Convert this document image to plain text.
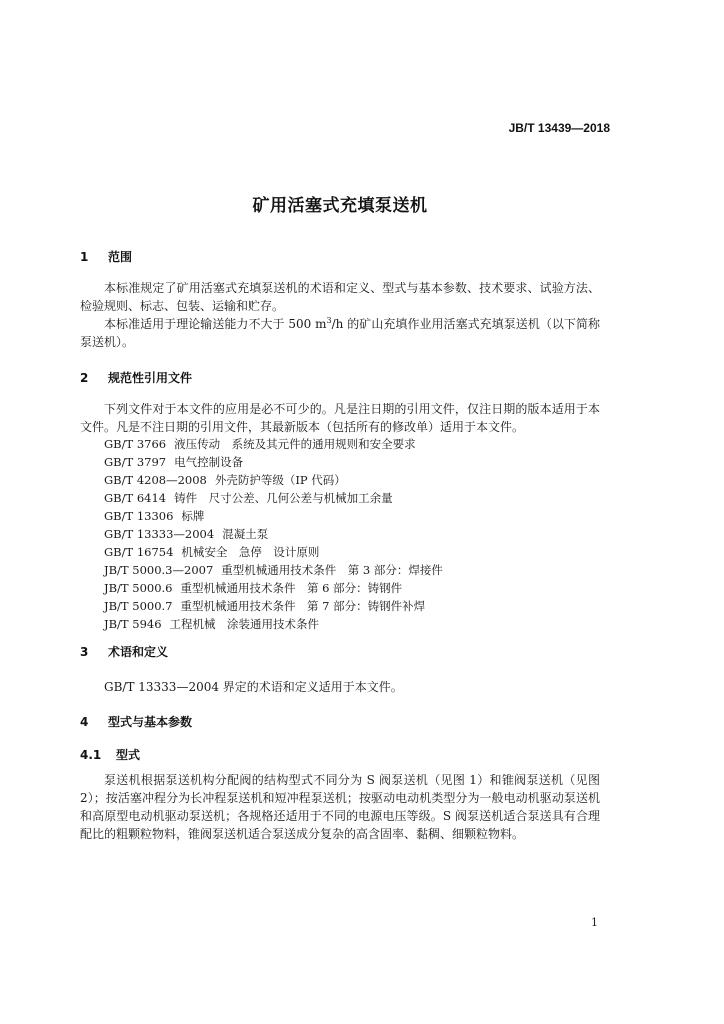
JB/T 13439—2018
矿用活塞式充填泵送机
1 范围
本标准规定了矿用活塞式充填泵送机的术语和定义、型式与基本参数、技术要求、试验方法、检验规则、标志、包装、运输和贮存。
本标准适用于理论输送能力不大于 500 $m^3/h$ 的矿山充填作业用活塞式充填泵送机（以下简称泵送机）。
2 规范性引用文件
下列文件对于本文件的应用是必不可少的。凡是注日期的引用文件，仅注日期的版本适用于本文件。凡是不注日期的引用文件，其最新版本（包括所有的修改单）适用于本文件。
GB/T 3766 液压传动　系统及其元件的通用规则和安全要求
GB/T 3797 电气控制设备
GB/T 4208—2008 外壳防护等级（IP 代码）
GB/T 6414 铸件　尺寸公差、几何公差与机械加工余量
GB/T 13306 标牌
GB/T 13333—2004 混凝土泵
GB/T 16754 机械安全　急停　设计原则
JB/T 5000.3—2007 重型机械通用技术条件　第 3 部分：焊接件
JB/T 5000.6 重型机械通用技术条件　第 6 部分：铸钢件
JB/T 5000.7 重型机械通用技术条件　第 7 部分：铸钢件补焊
JB/T 5946 工程机械　涂装通用技术条件
3 术语和定义
GB/T 13333—2004 界定的术语和定义适用于本文件。
4 型式与基本参数
4.1 型式
泵送机根据泵送机构分配阀的结构型式不同分为 S 阀泵送机（见图 1）和锥阀泵送机（见图 2）；按活塞冲程分为长冲程泵送机和短冲程泵送机；按驱动电动机类型分为一般电动机驱动泵送机和高原型电动机驱动泵送机；各规格还适用于不同的电源电压等级。S 阀泵送机适合泵送具有合理配比的粗颗粒物料，锥阀泵送机适合泵送成分复杂的高含固率、黏稠、细颗粒物料。
1
